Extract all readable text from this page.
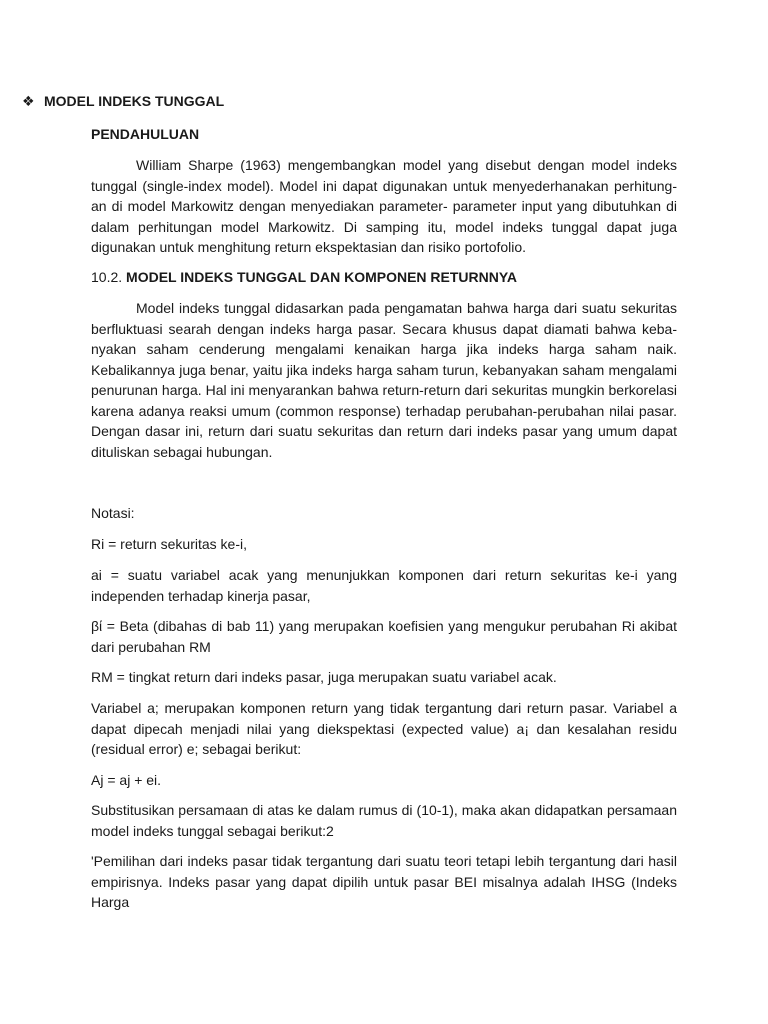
❖ MODEL INDEKS TUNGGAL
PENDAHULUAN
William Sharpe (1963) mengembangkan model yang disebut dengan model indeks tunggal (single-index model). Model ini dapat digunakan untuk menyederhanakan perhitung- an di model Markowitz dengan menyediakan parameter- parameter input yang dibutuhkan di dalam perhitungan model Markowitz. Di samping itu, model indeks tunggal dapat juga digunakan untuk menghitung return ekspektasian dan risiko portofolio.
10.2. MODEL INDEKS TUNGGAL DAN KOMPONEN RETURNNYA
Model indeks tunggal didasarkan pada pengamatan bahwa harga dari suatu sekuritas berfluktuasi searah dengan indeks harga pasar. Secara khusus dapat diamati bahwa keba- nyakan saham cenderung mengalami kenaikan harga jika indeks harga saham naik. Kebalikannya juga benar, yaitu jika indeks harga saham turun, kebanyakan saham mengalami penurunan harga. Hal ini menyarankan bahwa return-return dari sekuritas mungkin berkorelasi karena adanya reaksi umum (common response) terhadap perubahan-perubahan nilai pasar. Dengan dasar ini, return dari suatu sekuritas dan return dari indeks pasar yang umum dapat dituliskan sebagai hubungan.
Notasi:
Ri = return sekuritas ke-i,
ai = suatu variabel acak yang menunjukkan komponen dari return sekuritas ke-i yang independen terhadap kinerja pasar,
βί = Beta (dibahas di bab 11) yang merupakan koefisien yang mengukur perubahan Ri akibat dari perubahan RM
RM = tingkat return dari indeks pasar, juga merupakan suatu variabel acak.
Variabel a; merupakan komponen return yang tidak tergantung dari return pasar. Variabel a dapat dipecah menjadi nilai yang diekspektasi (expected value) a¡ dan kesalahan residu (residual error) e; sebagai berikut:
Aj = aj + ei.
Substitusikan persamaan di atas ke dalam rumus di (10-1), maka akan didapatkan persamaan model indeks tunggal sebagai berikut:2
'Pemilihan dari indeks pasar tidak tergantung dari suatu teori tetapi lebih tergantung dari hasil empirisnya. Indeks pasar yang dapat dipilih untuk pasar BEI misalnya adalah IHSG (Indeks Harga
